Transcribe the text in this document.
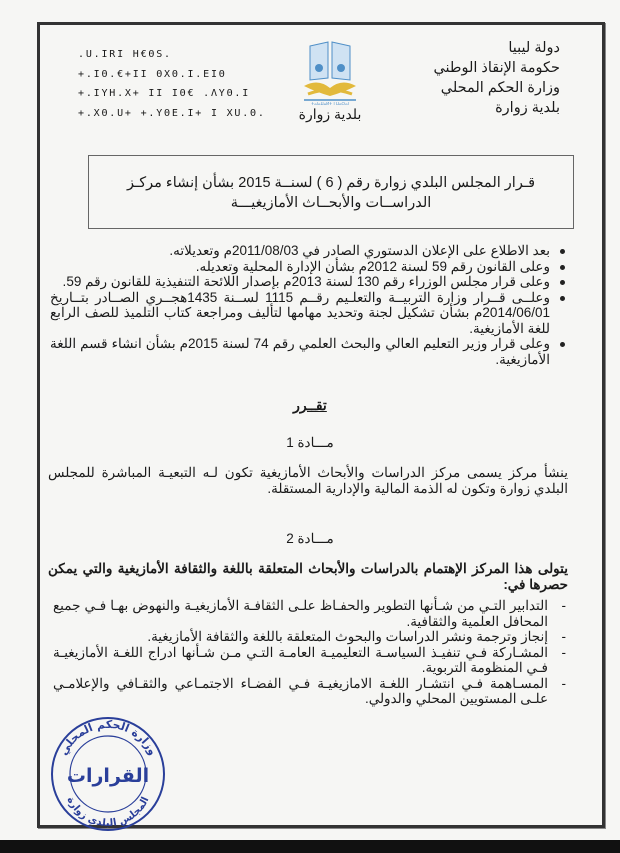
دولة ليبيا
حكومة الإنقاذ الوطني
وزارة الحكم المحلي
بلدية زوارة
.U.IRI H€ΘS.
+.IΘ.€+II ΘXΘ.I.EIΘ
+.IYH.X+ II IΘ€ .ΛYΘ.I
+.XΘ.U+ +.YΘE.I+ I XU.Θ.
ⵜⴰⵏⴰⵡⴰⵍⵜ ⵏ ⵡⴰⵔⴰⵏ
بلدية زوارة
قـرار المجلس البلدي زوارة رقم ( 6 ) لسنــة 2015 بشأن إنشاء مركـز الدراســات والأبحــاث الأمازيغيـــة
بعد الاطلاع على الإعلان الدستوري الصادر في 2011/08/03م وتعديلاته.
وعلى القانون رقم 59 لسنة 2012م بشأن الإدارة المحلية وتعديله.
وعلى قرار مجلس الوزراء رقم 130 لسنة 2013م بإصدار اللائحة التنفيذية للقانون رقم 59.
وعلــى قــرار وزارة التربيــة والتعلـيم رقــم 1115 لســنة 1435هجــري الصــادر بتــاريخ 2014/06/01م بشأن تشكيل لجنة وتحديد مهامها لتأليف ومراجعة كتاب التلميذ للصف الرابع للغة الأمازيغية.
وعلى قرار وزير التعليم العالي والبحث العلمي رقم 74 لسنة 2015م بشأن انشاء قسم اللغة الأمازيغية.
تقــرر
مـــادة 1
ينشأ مركز يسمى مركز الدراسات والأبحاث الأمازيغية تكون لـه التبعيـة المباشرة للمجلس البلدي زوارة وتكون له الذمة المالية والإدارية المستقلة.
مـــادة 2
يتولى هذا المركز الإهتمام بالدراسات والأبحاث المتعلقة باللغة والثقافة الأمازيغية والتي يمكن حصرها في:
- التدابير التـي من شـأنها التطوير والحفـاظ علـى الثقافـة الأمازيغيـة والنهوض بهـا فـي جميع المحافل العلمية والثقافية.
- إنجاز وترجمة ونشر الدراسات والبحوث المتعلقة باللغة والثقافة الأمازيغية.
- المشـاركة فـي تنفيـذ السياسـة التعليميـة العامـة التـي مـن شـأنها ادراج اللغـة الأمازيغيـة فـي المنظومة التربوية.
- المسـاهمة فـي انتشـار اللغـة الامازيغيـة فـي الفضـاء الاجتمـاعي والثقـافي والإعلامـي علـى المستويين المحلي والدولي.
وزارة الحكم المحلي
المجلس البلدي زوارة
القرارات
